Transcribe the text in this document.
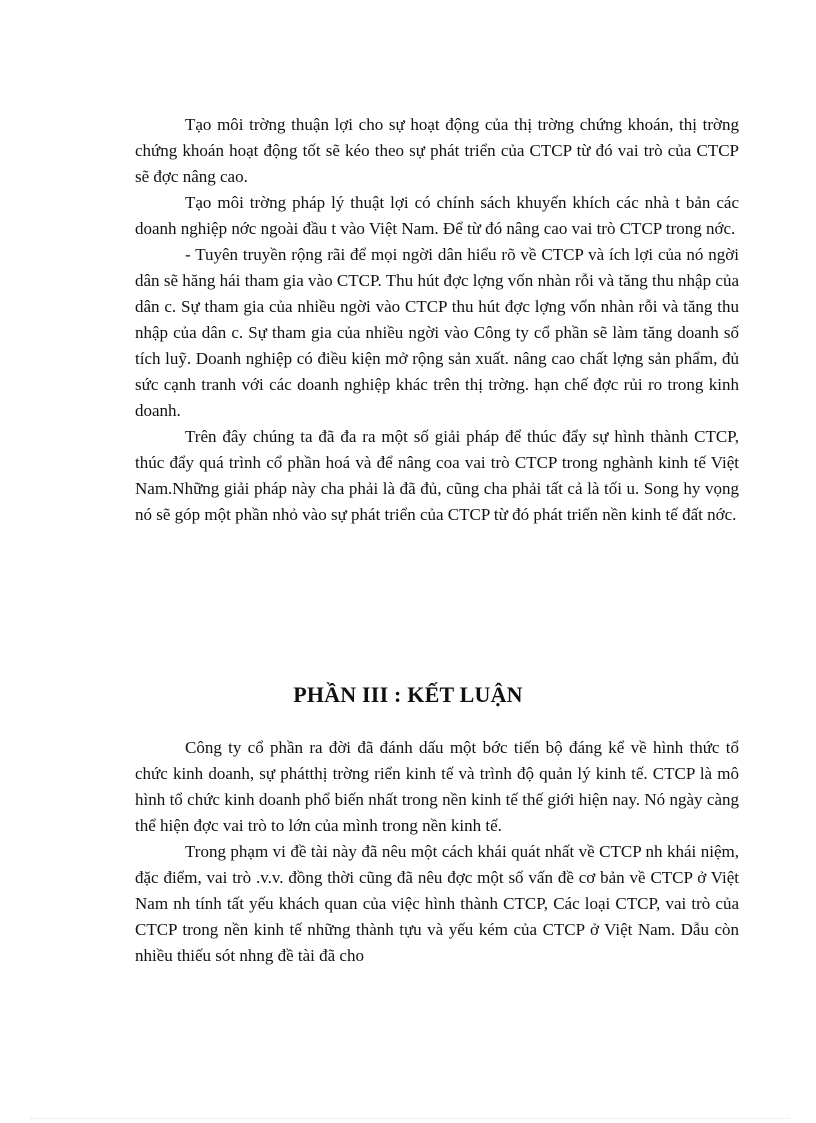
Tạo môi trờng thuận lợi cho sự hoạt động của thị trờng chứng khoán, thị trờng chứng khoán hoạt động tốt sẽ kéo theo sự phát triển của CTCP từ đó vai trò của CTCP sẽ đợc nâng cao.

Tạo môi trờng pháp lý thuật lợi có chính sách khuyến khích các nhà t bản các doanh nghiệp nớc ngoài đầu t vào Việt Nam. Để từ đó nâng cao vai trò CTCP trong nớc.

- Tuyên truyền rộng rãi để mọi ngời dân hiểu rõ về CTCP và ích lợi của nó ngời dân sẽ hăng hái tham gia vào CTCP. Thu hút đợc lợng vốn nhàn rỗi và tăng thu nhập của dân c. Sự tham gia của nhiều ngời vào CTCP thu hút đợc lợng vốn nhàn rỗi và tăng thu nhập của dân c. Sự tham gia của nhiều ngời vào Công ty cổ phần sẽ làm tăng doanh số tích luỹ. Doanh nghiệp có điều kiện mở rộng sản xuất. nâng cao chất lợng sản phẩm, đủ sức cạnh tranh với các doanh nghiệp khác trên thị trờng. hạn chế đợc rủi ro trong kinh doanh.

Trên đây chúng ta đã đa ra một số giải pháp để thúc đẩy sự hình thành CTCP, thúc đẩy quá trình cổ phần hoá và để nâng coa vai trò CTCP trong nghành kinh tế Việt Nam.Những giải pháp này cha phải là đã đủ, cũng cha phải tất cả là tối u. Song hy vọng nó sẽ góp một phần nhỏ vào sự phát triển của CTCP từ đó phát triển nền kinh tế đất nớc.

PHẦN III : KẾT LUẬN

Công ty cổ phần ra đời đã đánh dấu một bớc tiến bộ đáng kể về hình thức tổ chức kinh doanh, sự phátthị trờng riển kinh tế và trình độ quản lý kinh tế. CTCP là mô hình tổ chức kinh doanh phổ biến nhất trong nền kinh tế thế giới hiện nay. Nó ngày càng thể hiện đợc vai trò to lớn của mình trong nền kinh tế.

Trong phạm vi đề tài này đã nêu một cách khái quát nhất về CTCP nh khái niệm, đặc điểm, vai trò .v.v. đồng thời cũng đã nêu đợc một số vấn đề cơ bản về CTCP ở Việt Nam nh tính tất yếu khách quan của việc hình thành CTCP, Các loại CTCP, vai trò của CTCP trong nền kinh tế những thành tựu và yếu kém của CTCP ở Việt Nam. Dẫu còn nhiều thiếu sót nhng đề tài đã cho
